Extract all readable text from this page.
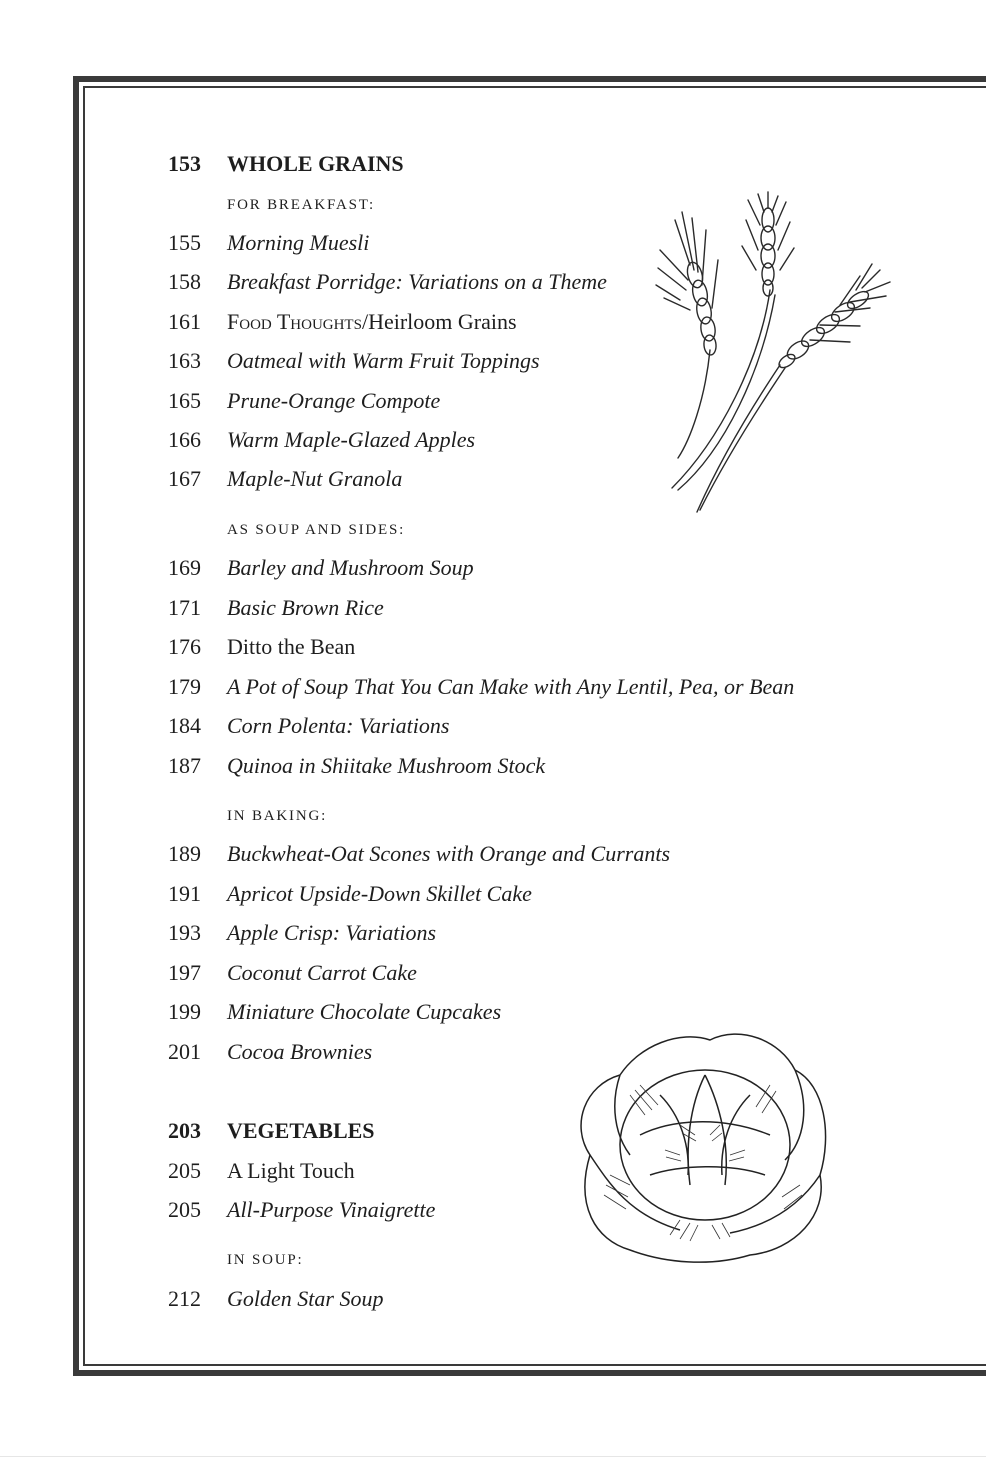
153 WHOLE GRAINS
FOR BREAKFAST:
155 Morning Muesli
158 Breakfast Porridge: Variations on a Theme
161 Food Thoughts/Heirloom Grains
163 Oatmeal with Warm Fruit Toppings
165 Prune-Orange Compote
166 Warm Maple-Glazed Apples
167 Maple-Nut Granola
AS SOUP AND SIDES:
169 Barley and Mushroom Soup
171 Basic Brown Rice
176 Ditto the Bean
179 A Pot of Soup That You Can Make with Any Lentil, Pea, or Bean
184 Corn Polenta: Variations
187 Quinoa in Shiitake Mushroom Stock
IN BAKING:
189 Buckwheat-Oat Scones with Orange and Currants
191 Apricot Upside-Down Skillet Cake
193 Apple Crisp: Variations
197 Coconut Carrot Cake
199 Miniature Chocolate Cupcakes
201 Cocoa Brownies
203 VEGETABLES
205 A Light Touch
205 All-Purpose Vinaigrette
IN SOUP:
212 Golden Star Soup
